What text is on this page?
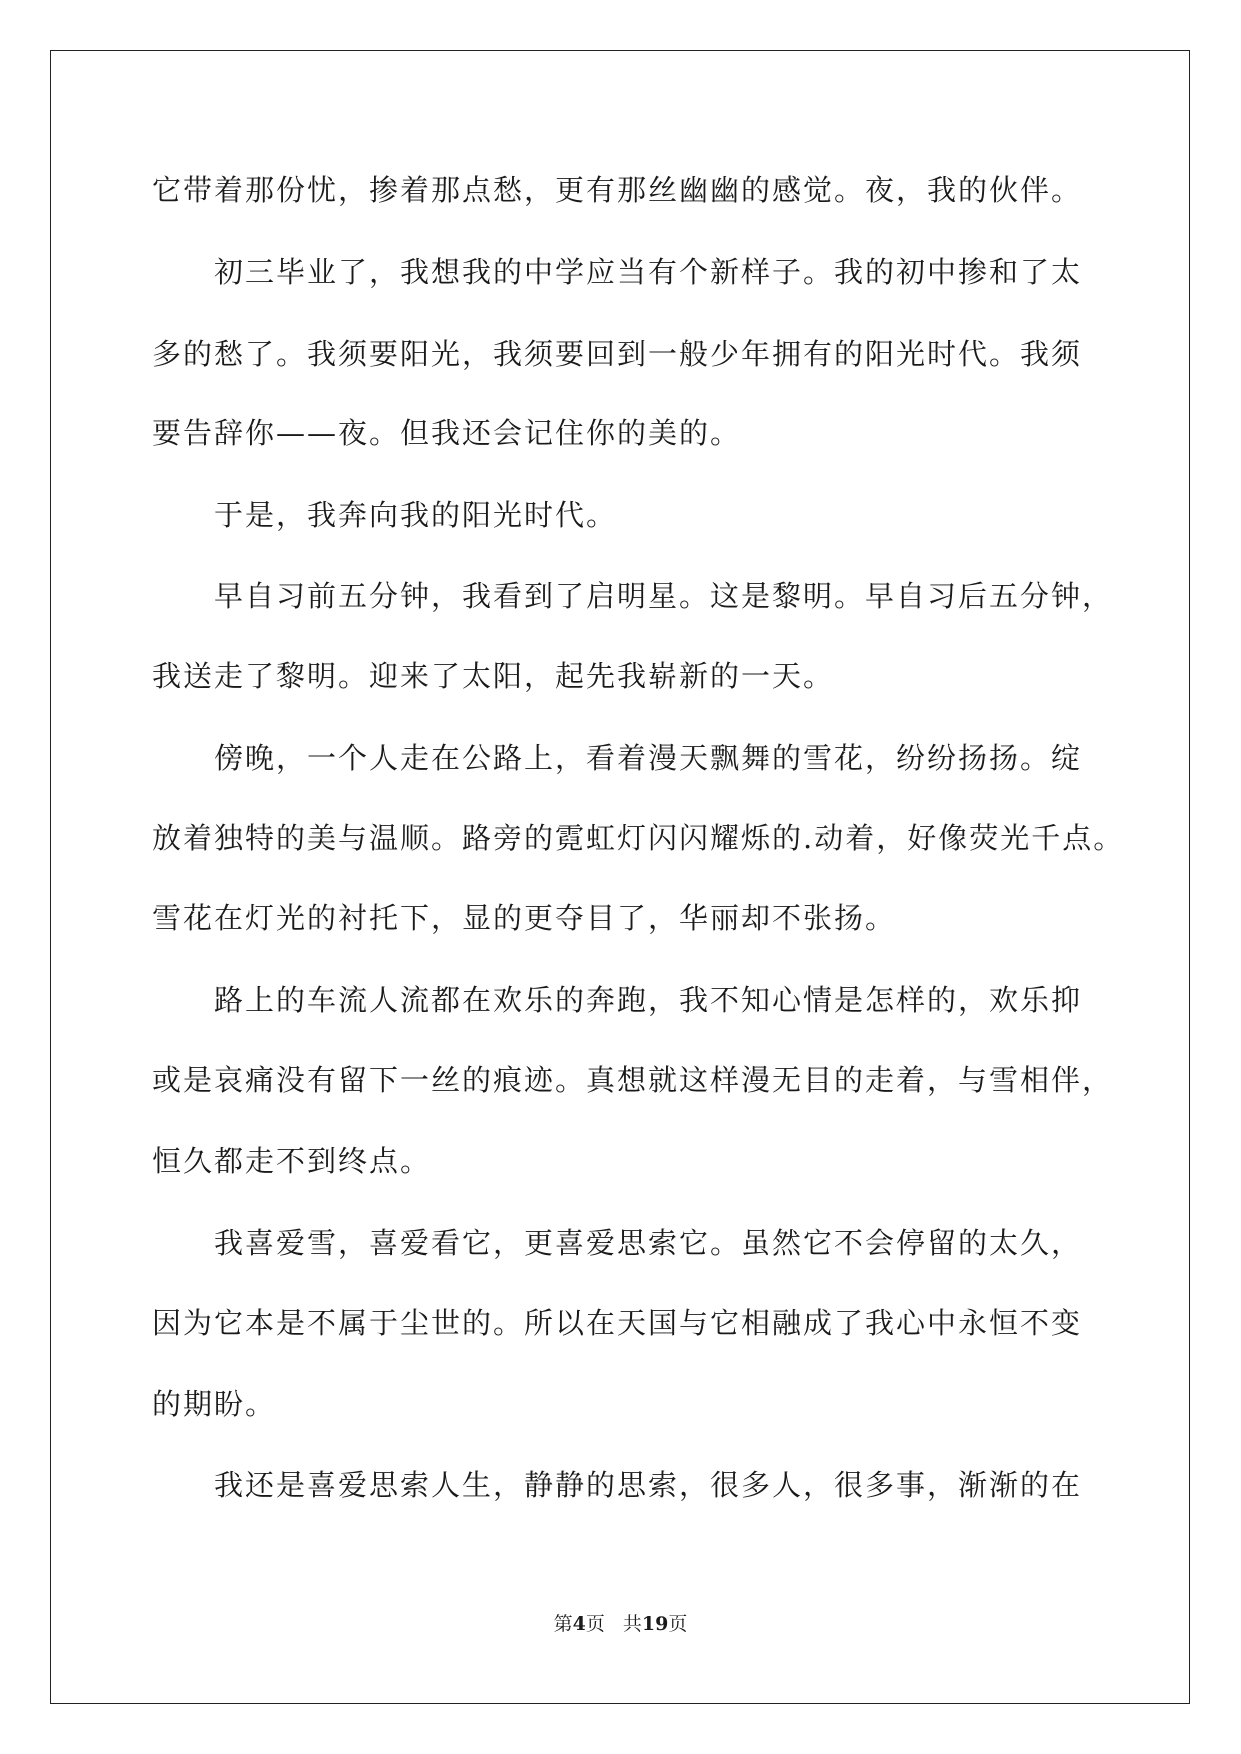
它带着那份忧，掺着那点愁，更有那丝幽幽的感觉。夜，我的伙伴。
初三毕业了，我想我的中学应当有个新样子。我的初中掺和了太
多的愁了。我须要阳光，我须要回到一般少年拥有的阳光时代。我须
要告辞你——夜。但我还会记住你的美的。
于是，我奔向我的阳光时代。
早自习前五分钟，我看到了启明星。这是黎明。早自习后五分钟，
我送走了黎明。迎来了太阳，起先我崭新的一天。
傍晚，一个人走在公路上，看着漫天飘舞的雪花，纷纷扬扬。绽
放着独特的美与温顺。路旁的霓虹灯闪闪耀烁的.动着，好像荧光千点。
雪花在灯光的衬托下，显的更夺目了，华丽却不张扬。
路上的车流人流都在欢乐的奔跑，我不知心情是怎样的，欢乐抑
或是哀痛没有留下一丝的痕迹。真想就这样漫无目的走着，与雪相伴，
恒久都走不到终点。
我喜爱雪，喜爱看它，更喜爱思索它。虽然它不会停留的太久，
因为它本是不属于尘世的。所以在天国与它相融成了我心中永恒不变
的期盼。
我还是喜爱思索人生，静静的思索，很多人，很多事，渐渐的在
第4页 共19页
